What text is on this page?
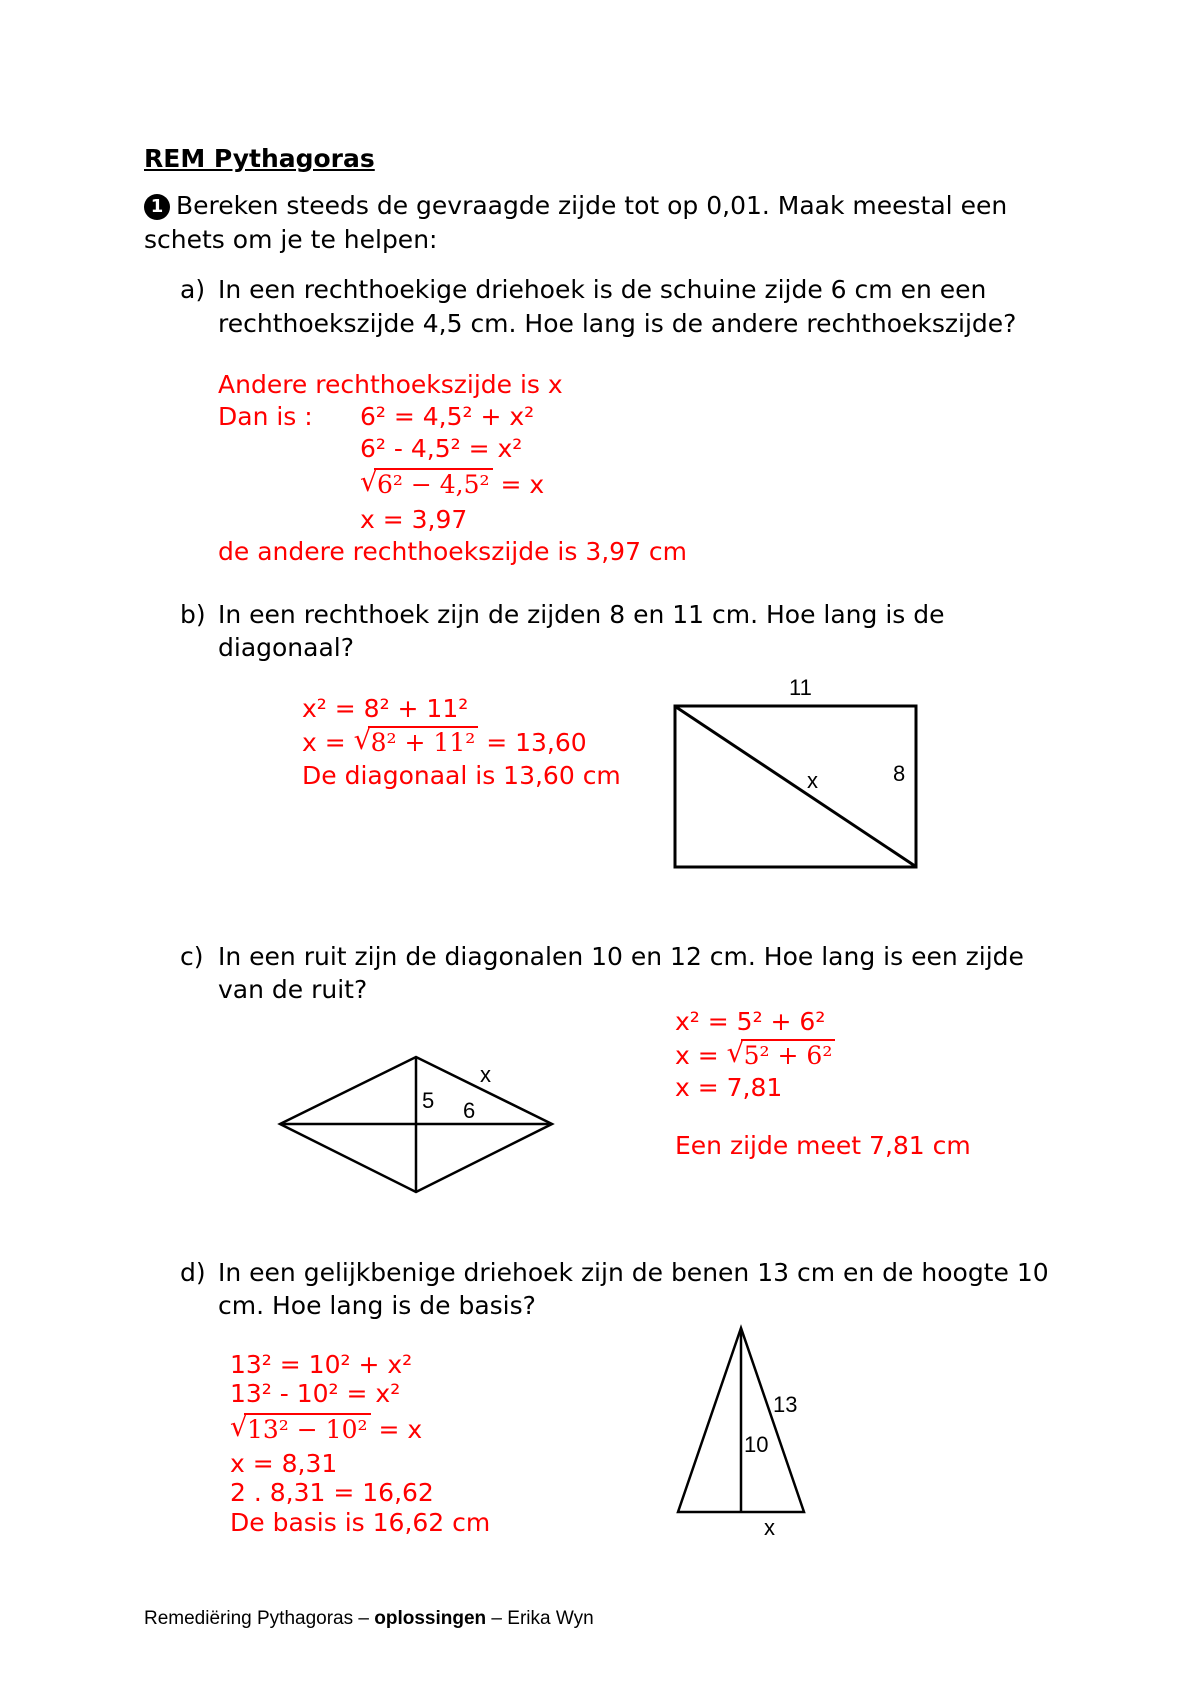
REM Pythagoras
1 Bereken steeds de gevraagde zijde tot op 0,01. Maak meestal een
schets om je te helpen:
a) In een rechthoekige driehoek is de schuine zijde 6 cm en een
rechthoekszijde 4,5 cm. Hoe lang is de andere rechthoekszijde?
Andere rechthoekszijde is x
Dan is : 6² = 4,5² + x²
6² - 4,5² = x²
√ 6² − 4,5² = x
x = 3,97
de andere rechthoekszijde is 3,97 cm
b) In een rechthoek zijn de zijden 8 en 11 cm. Hoe lang is de
diagonaal?
x² = 8² + 11²
x = √ 8² + 11² = 13,60
De diagonaal is 13,60 cm
c) In een ruit zijn de diagonalen 10 en 12 cm. Hoe lang is een zijde
van de ruit?
x² = 5² + 6²
x = √ 5² + 6²
x = 7,81
Een zijde meet 7,81 cm
d) In een gelijkbenige driehoek zijn de benen 13 cm en de hoogte 10
cm. Hoe lang is de basis?
13² = 10² + x²
13² - 10² = x²
√ 13² − 10² = x
x = 8,31
2 . 8,31 = 16,62
De basis is 16,62 cm
11
8
x
x
5 6
13
10
x
Remediëring Pythagoras – oplossingen – Erika Wyn
